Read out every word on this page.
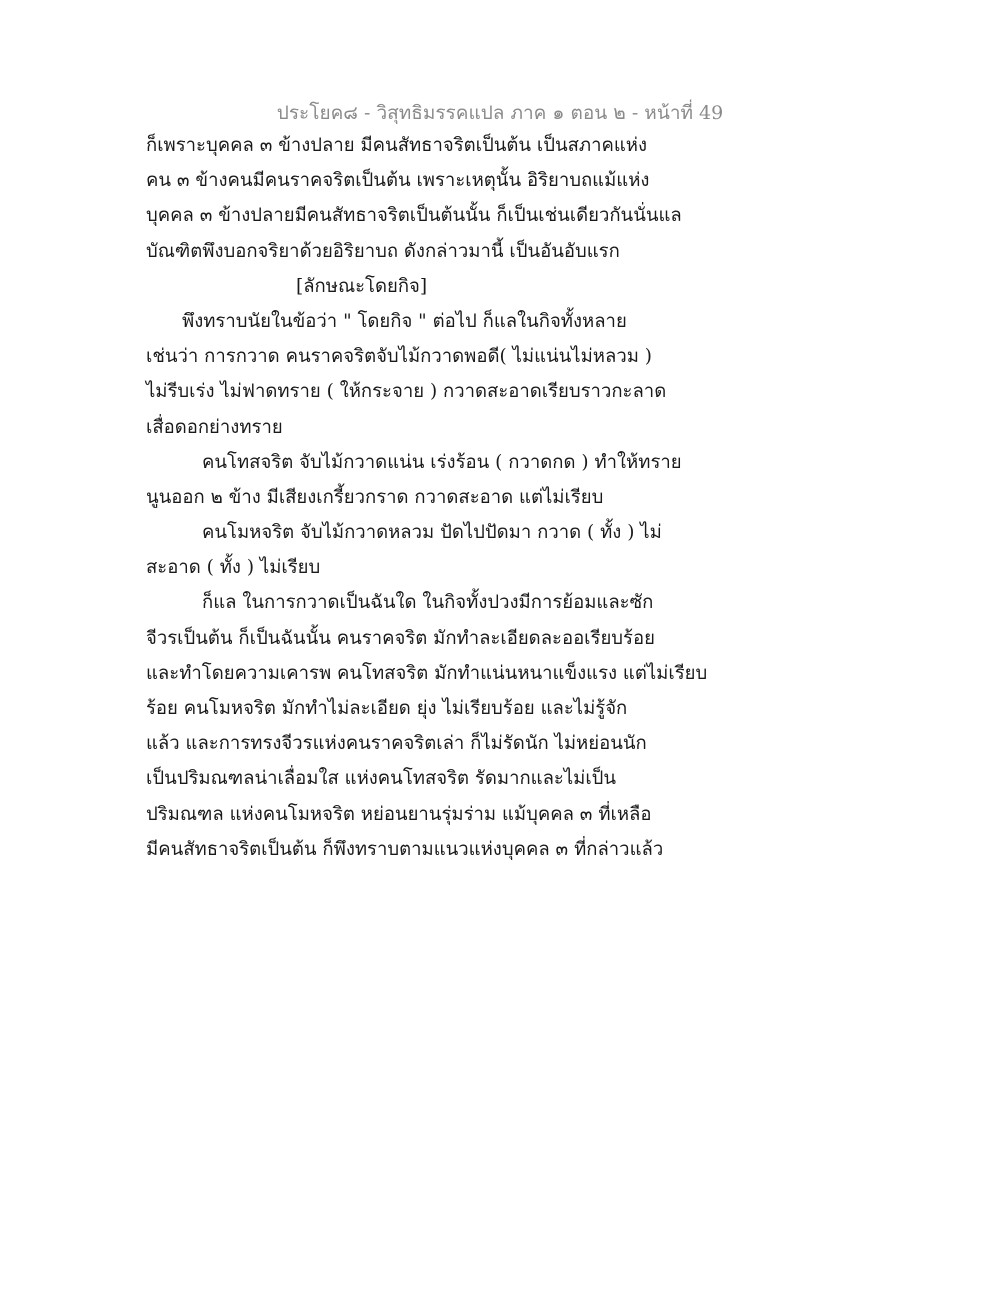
ประโยค๘ - วิสุทธิมรรคแปล ภาค ๑ ตอน ๒ - หน้าที่ 49
ก็เพราะบุคคล ๓ ข้างปลาย มีคนสัทธาจริตเป็นต้น เป็นสภาคแห่ง
คน ๓ ข้างคนมีคนราคจริตเป็นต้น เพราะเหตุนั้น อิริยาบถแม้แห่ง
บุคคล ๓ ข้างปลายมีคนสัทธาจริตเป็นต้นนั้น ก็เป็นเช่นเดียวกันนั่นแล
บัณฑิตพึงบอกจริยาด้วยอิริยาบถ ดังกล่าวมานี้ เป็นอันอับแรก
[ลักษณะโดยกิจ]
พึงทราบนัยในข้อว่า " โดยกิจ " ต่อไป ก็แลในกิจทั้งหลาย
เช่นว่า การกวาด คนราคจริตจับไม้กวาดพอดี( ไม่แน่นไม่หลวม )
ไม่รีบเร่ง ไม่ฟาดทราย ( ให้กระจาย ) กวาดสะอาดเรียบราวกะลาด
เสื่อดอกย่างทราย
คนโทสจริต จับไม้กวาดแน่น เร่งร้อน ( กวาดกด ) ทำให้ทราย
นูนออก ๒ ข้าง มีเสียงเกรี้ยวกราด กวาดสะอาด แต่ไม่เรียบ
คนโมหจริต จับไม้กวาดหลวม ปัดไปปัดมา กวาด ( ทั้ง ) ไม่
สะอาด ( ทั้ง ) ไม่เรียบ
ก็แล ในการกวาดเป็นฉันใด ในกิจทั้งปวงมีการย้อมและซัก
จีวรเป็นต้น ก็เป็นฉันนั้น คนราคจริต มักทำละเอียดละออเรียบร้อย
และทำโดยความเคารพ คนโทสจริต มักทำแน่นหนาแข็งแรง แต่ไม่เรียบ
ร้อย คนโมหจริต มักทำไม่ละเอียด ยุ่ง ไม่เรียบร้อย และไม่รู้จัก
แล้ว และการทรงจีวรแห่งคนราคจริตเล่า ก็ไม่รัดนัก ไม่หย่อนนัก
เป็นปริมณฑลน่าเลื่อมใส แห่งคนโทสจริต รัดมากและไม่เป็น
ปริมณฑล แห่งคนโมหจริต หย่อนยานรุ่มร่าม แม้บุคคล ๓ ที่เหลือ
มีคนสัทธาจริตเป็นต้น ก็พึงทราบตามแนวแห่งบุคคล ๓ ที่กล่าวแล้ว
